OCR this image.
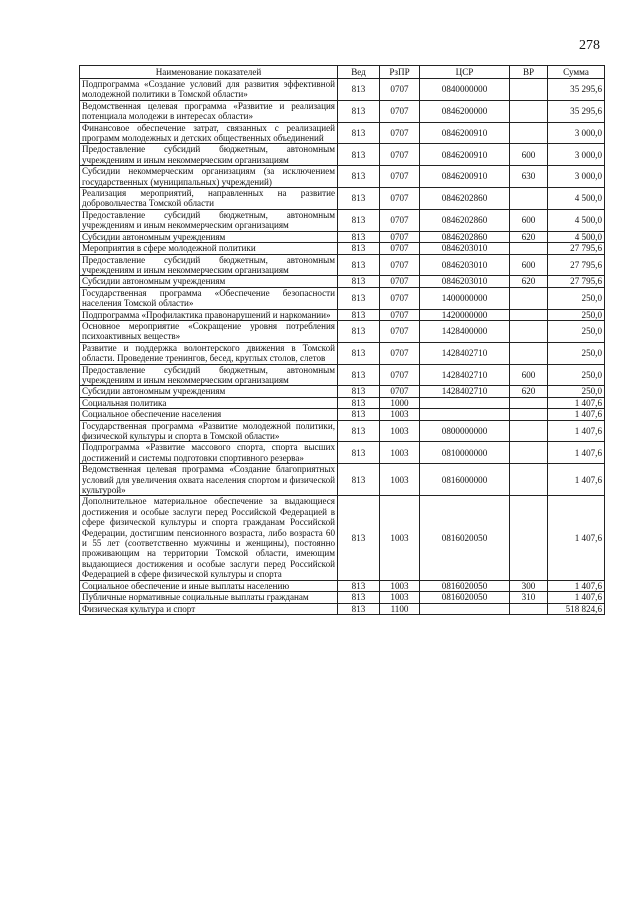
278
Наименование показателей	Вед	РзПР	ЦСР	ВР	Сумма
Подпрограмма «Создание условий для развития эффективной молодежной политики в Томской области»	813	0707	0840000000		35 295,6
Ведомственная целевая программа «Развитие и реализация потенциала молодежи в интересах области»	813	0707	0846200000		35 295,6
Финансовое обеспечение затрат, связанных с реализацией программ молодежных и детских общественных объединений	813	0707	0846200910		3 000,0
Предоставление субсидий бюджетным, автономным учреждениям и иным некоммерческим организациям	813	0707	0846200910	600	3 000,0
Субсидии некоммерческим организациям (за исключением государственных (муниципальных) учреждений)	813	0707	0846200910	630	3 000,0
Реализация мероприятий, направленных на развитие добровольчества Томской области	813	0707	0846202860		4 500,0
Предоставление субсидий бюджетным, автономным учреждениям и иным некоммерческим организациям	813	0707	0846202860	600	4 500,0
Субсидии автономным учреждениям	813	0707	0846202860	620	4 500,0
Мероприятия в сфере молодежной политики	813	0707	0846203010		27 795,6
Предоставление субсидий бюджетным, автономным учреждениям и иным некоммерческим организациям	813	0707	0846203010	600	27 795,6
Субсидии автономным учреждениям	813	0707	0846203010	620	27 795,6
Государственная программа «Обеспечение безопасности населения Томской области»	813	0707	1400000000		250,0
Подпрограмма «Профилактика правонарушений и наркомании»	813	0707	1420000000		250,0
Основное мероприятие «Сокращение уровня потребления психоактивных веществ»	813	0707	1428400000		250,0
Развитие и поддержка волонтерского движения в Томской области. Проведение тренингов, бесед, круглых столов, слетов	813	0707	1428402710		250,0
Предоставление субсидий бюджетным, автономным учреждениям и иным некоммерческим организациям	813	0707	1428402710	600	250,0
Субсидии автономным учреждениям	813	0707	1428402710	620	250,0
Социальная политика	813	1000			1 407,6
Социальное обеспечение населения	813	1003			1 407,6
Государственная программа «Развитие молодежной политики, физической культуры и спорта в Томской области»	813	1003	0800000000		1 407,6
Подпрограмма «Развитие массового спорта, спорта высших достижений и системы подготовки спортивного резерва»	813	1003	0810000000		1 407,6
Ведомственная целевая программа «Создание благоприятных условий для увеличения охвата населения спортом и физической культурой»	813	1003	0816000000		1 407,6
Дополнительное материальное обеспечение за выдающиеся достижения и особые заслуги перед Российской Федерацией в сфере физической культуры и спорта гражданам Российской Федерации, достигшим пенсионного возраста, либо возраста 60 и 55 лет (соответственно мужчины и женщины), постоянно проживающим на территории Томской области, имеющим выдающиеся достижения и особые заслуги перед Российской Федерацией в сфере физической культуры и спорта	813	1003	0816020050		1 407,6
Социальное обеспечение и иные выплаты населению	813	1003	0816020050	300	1 407,6
Публичные нормативные социальные выплаты гражданам	813	1003	0816020050	310	1 407,6
Физическая культура и спорт	813	1100			518 824,6
